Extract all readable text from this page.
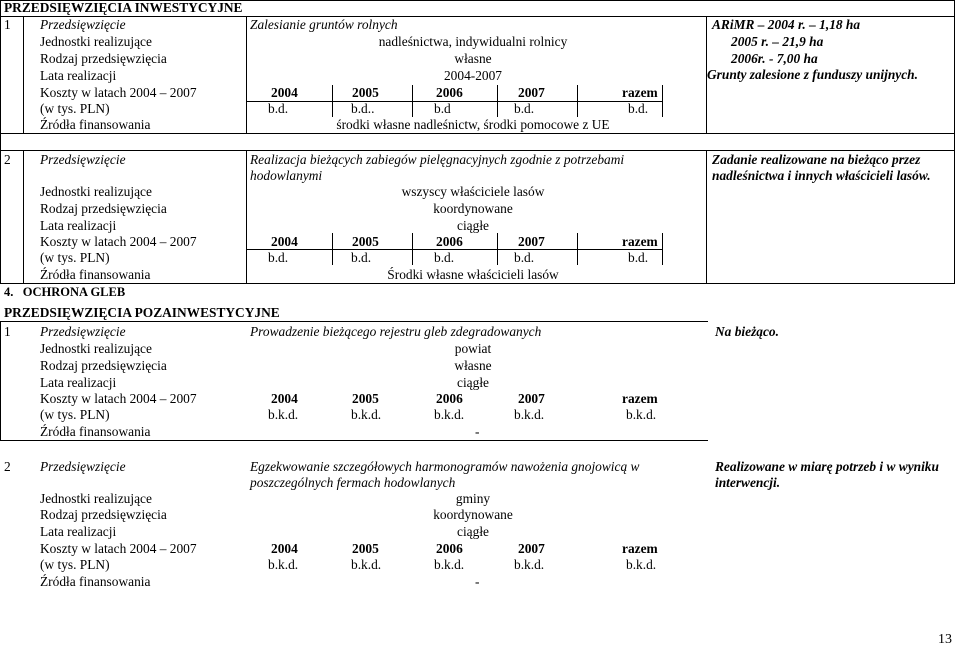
PRZEDSIĘWZIĘCIA INWESTYCYJNE
1 Przedsięwzięcie	Zalesianie gruntów rolnych
Jednostki realizujące	nadleśnictwa, indywidualni rolnicy
Rodzaj przedsięwzięcia	własne
Lata realizacji	2004-2007
Koszty w latach 2004 – 2007
(w tys. PLN)
2004	2005	2006	2007	razem
b.d.	b.d..	b.d	b.d.	b.d.
Źródła finansowania	środki własne nadleśnictw, środki pomocowe z UE
ARiMR – 2004 r. – 1,18 ha
2005 r. – 21,9 ha
2006r. - 7,00 ha
Grunty zalesione z funduszy unijnych.
2 Przedsięwzięcie	Realizacja bieżących zabiegów pielęgnacyjnych zgodnie z potrzebami
hodowlanymi
Jednostki realizujące	wszyscy właściciele lasów
Rodzaj przedsięwzięcia	koordynowane
Lata realizacji	ciągłe
Koszty w latach 2004 – 2007
(w tys. PLN)
2004	2005	2006	2007	razem
b.d.	b.d.	b.d.	b.d.	b.d.
Źródła finansowania	Środki własne właścicieli lasów
Zadanie realizowane na bieżąco przez
nadleśnictwa i innych właścicieli lasów.
4. OCHRONA GLEB
PRZEDSIĘWZIĘCIA POZAINWESTYCYJNE
1 Przedsięwzięcie	Prowadzenie bieżącego rejestru gleb zdegradowanych
Jednostki realizujące	powiat
Rodzaj przedsięwzięcia	własne
Lata realizacji	ciągłe
Koszty w latach 2004 – 2007
(w tys. PLN)
2004	2005	2006	2007	razem
b.k.d.	b.k.d.	b.k.d.	b.k.d.	b.k.d.
Źródła finansowania	-
Na bieżąco.
2 Przedsięwzięcie	Egzekwowanie szczegółowych harmonogramów nawożenia gnojowicą w
poszczególnych fermach hodowlanych
Jednostki realizujące	gminy
Rodzaj przedsięwzięcia	koordynowane
Lata realizacji	ciągłe
Koszty w latach 2004 – 2007
(w tys. PLN)
2004	2005	2006	2007	razem
b.k.d.	b.k.d.	b.k.d.	b.k.d.	b.k.d.
Źródła finansowania	-
Realizowane w miarę potrzeb i w wyniku
interwencji.
13
